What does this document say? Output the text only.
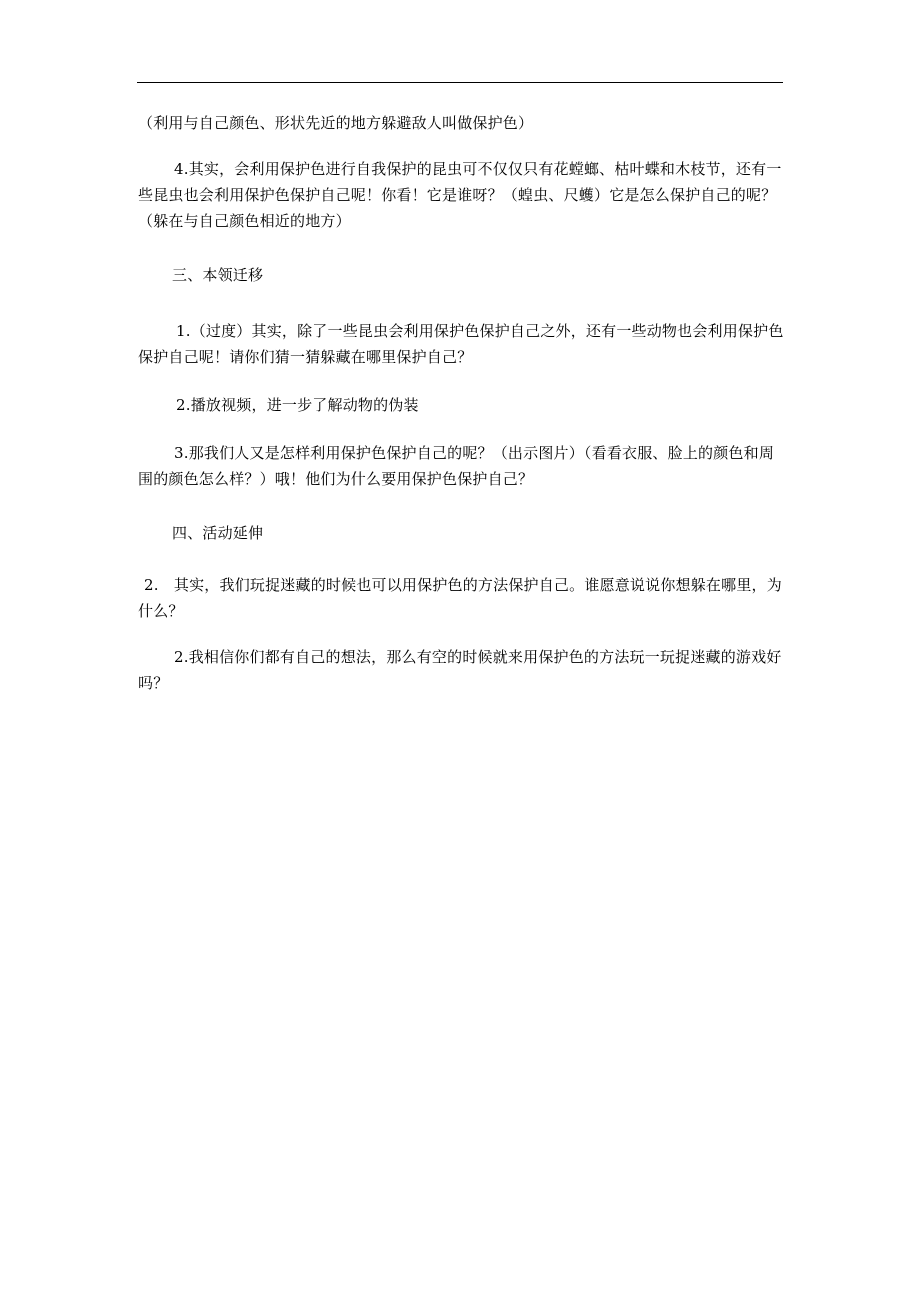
（利用与自己颜色、形状先近的地方躲避敌人叫做保护色）

4.其实，会利用保护色进行自我保护的昆虫可不仅仅只有花螳螂、枯叶蝶和木枝节，还有一些昆虫也会利用保护色保护自己呢！你看！它是谁呀？（蝗虫、尺蠖）它是怎么保护自己的呢？（躲在与自己颜色相近的地方）

三、本领迁移

1.（过度）其实，除了一些昆虫会利用保护色保护自己之外，还有一些动物也会利用保护色保护自己呢！请你们猜一猜躲藏在哪里保护自己？

2.播放视频，进一步了解动物的伪装

3.那我们人又是怎样利用保护色保护自己的呢？（出示图片）（看看衣服、脸上的颜色和周围的颜色怎么样？）哦！他们为什么要用保护色保护自己？

四、活动延伸

2.　其实，我们玩捉迷藏的时候也可以用保护色的方法保护自己。谁愿意说说你想躲在哪里，为什么？

2.我相信你们都有自己的想法，那么有空的时候就来用保护色的方法玩一玩捉迷藏的游戏好吗？
